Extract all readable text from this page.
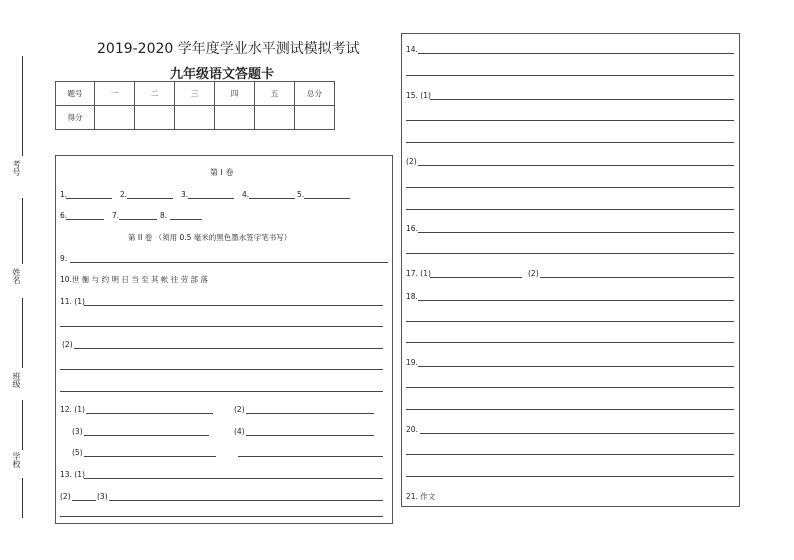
2019-2020 学年度学业水平测试模拟考试
九年级语文答题卡
考号
姓名
班级
学校
题号	一	二	三	四	五	总分
得分						
第 I 卷
1.	2.	3.	4.	5.
6.	7.	8.
第 II 卷 （须用 0.5 毫米的黑色墨水签字笔书写）
9.
10.世 衡 与 约 明 日 当 至 其 帐 往 劳 部 落
11. (1)
(2)
12. (1)	(2)
(3)	(4)
(5)
13. (1)
(2)	(3)
14.
15. (1)
(2)
16.
17. (1)	(2)
18.
19.
20.
21. 作文
